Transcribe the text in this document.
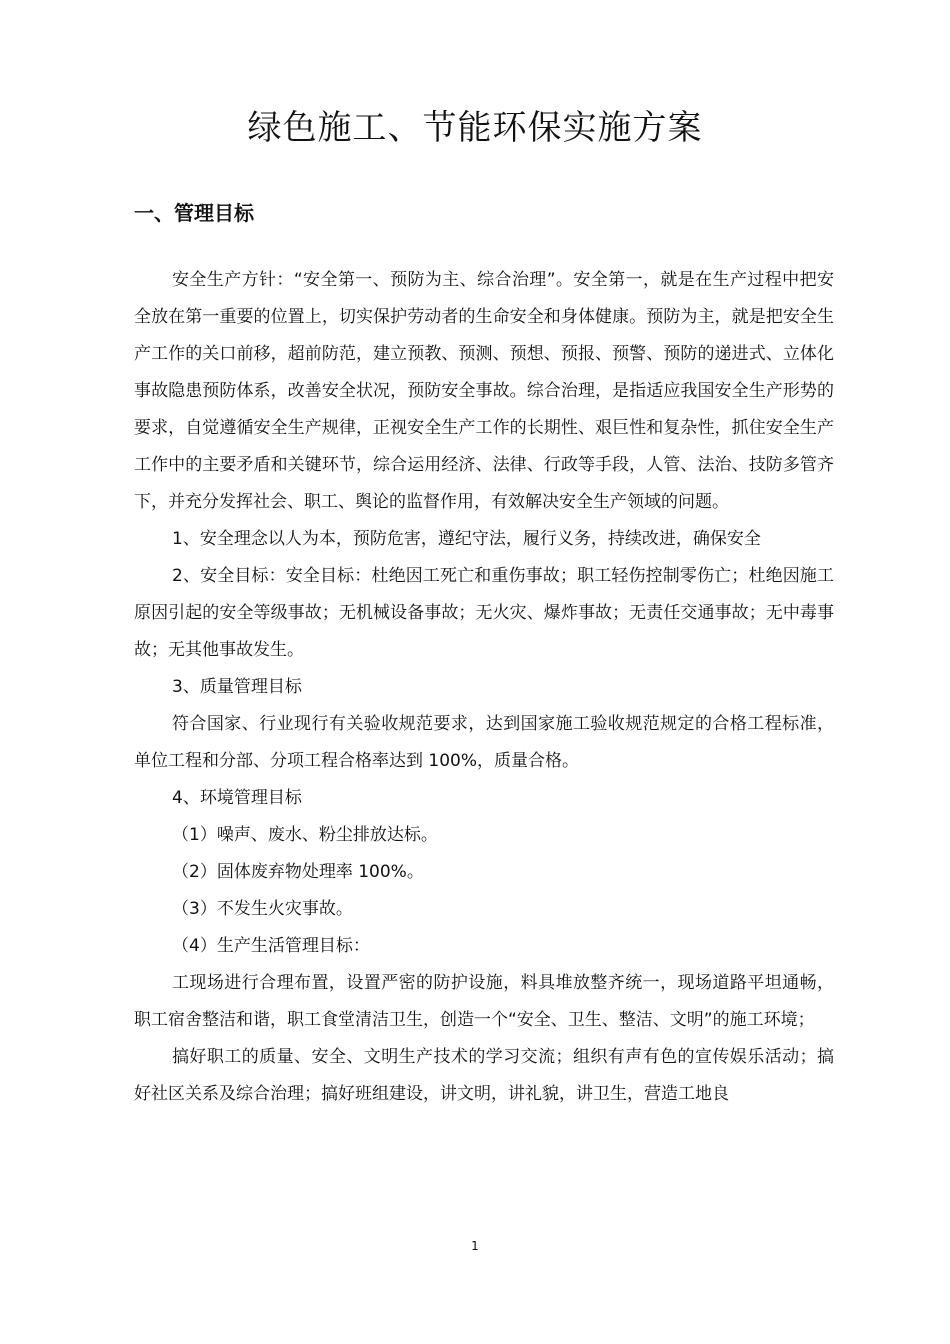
绿色施工、节能环保实施方案
一、管理目标

安全生产方针：“安全第一、预防为主、综合治理”。安全第一，就是在生产过程中把安全放在第一重要的位置上，切实保护劳动者的生命安全和身体健康。预防为主，就是把安全生产工作的关口前移，超前防范，建立预教、预测、预想、预报、预警、预防的递进式、立体化事故隐患预防体系，改善安全状况，预防安全事故。综合治理，是指适应我国安全生产形势的要求，自觉遵循安全生产规律，正视安全生产工作的长期性、艰巨性和复杂性，抓住安全生产工作中的主要矛盾和关键环节，综合运用经济、法律、行政等手段，人管、法治、技防多管齐下，并充分发挥社会、职工、舆论的监督作用，有效解决安全生产领域的问题。

1、安全理念以人为本，预防危害，遵纪守法，履行义务，持续改进，确保安全

2、安全目标：安全目标：杜绝因工死亡和重伤事故；职工轻伤控制零伤亡；杜绝因施工原因引起的安全等级事故；无机械设备事故；无火灾、爆炸事故；无责任交通事故；无中毒事故；无其他事故发生。

3、质量管理目标

符合国家、行业现行有关验收规范要求，达到国家施工验收规范规定的合格工程标准，单位工程和分部、分项工程合格率达到 100%，质量合格。

4、环境管理目标

（1）噪声、废水、粉尘排放达标。

（2）固体废弃物处理率 100%。

（3）不发生火灾事故。

（4）生产生活管理目标：

工现场进行合理布置，设置严密的防护设施，料具堆放整齐统一，现场道路平坦通畅，职工宿舍整洁和谐，职工食堂清洁卫生，创造一个“安全、卫生、整洁、文明”的施工环境；

搞好职工的质量、安全、文明生产技术的学习交流；组织有声有色的宣传娱乐活动；搞好社区关系及综合治理；搞好班组建设，讲文明，讲礼貌，讲卫生，营造工地良

1
